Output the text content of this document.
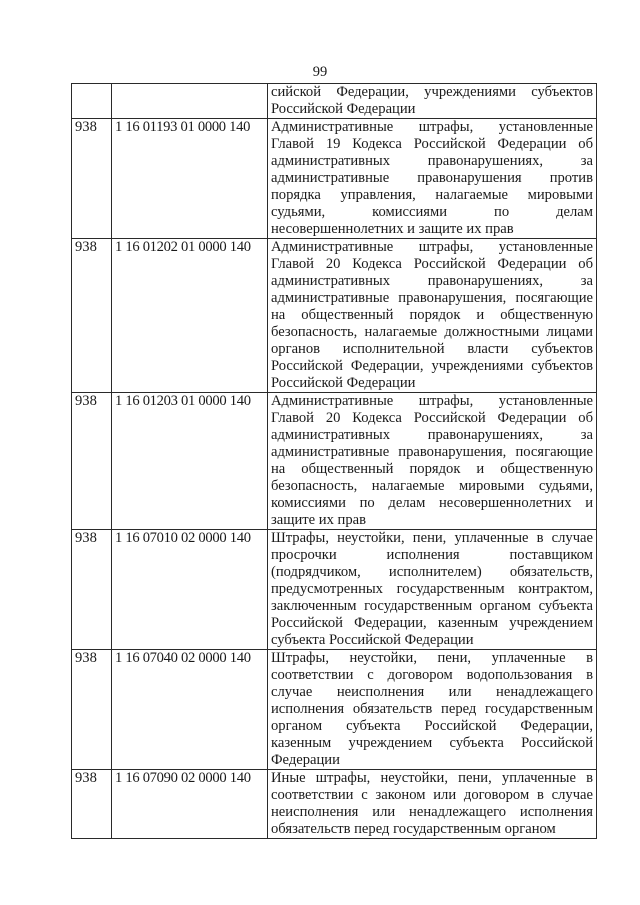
99
		сийской Федерации, учреждениями субъектов Российской Федерации
938	1 16 01193 01 0000 140	Административные штрафы, установленные Главой 19 Кодекса Российской Федерации об административных правонарушениях, за административные правонарушения против порядка управления, налагаемые мировыми судьями, комиссиями по делам несовершеннолетних и защите их прав
938	1 16 01202 01 0000 140	Административные штрафы, установленные Главой 20 Кодекса Российской Федерации об административных правонарушениях, за административные правонарушения, посягающие на общественный порядок и общественную безопасность, налагаемые должностными лицами органов исполнительной власти субъектов Российской Федерации, учреждениями субъектов Российской Федерации
938	1 16 01203 01 0000 140	Административные штрафы, установленные Главой 20 Кодекса Российской Федерации об административных правонарушениях, за административные правонарушения, посягающие на общественный порядок и общественную безопасность, налагаемые мировыми судьями, комиссиями по делам несовершеннолетних и защите их прав
938	1 16 07010 02 0000 140	Штрафы, неустойки, пени, уплаченные в случае просрочки исполнения поставщиком (подрядчиком, исполнителем) обязательств, предусмотренных государственным контрактом, заключенным государственным органом субъекта Российской Федерации, казенным учреждением субъекта Российской Федерации
938	1 16 07040 02 0000 140	Штрафы, неустойки, пени, уплаченные в соответствии с договором водопользования в случае неисполнения или ненадлежащего исполнения обязательств перед государственным органом субъекта Российской Федерации, казенным учреждением субъекта Российской Федерации
938	1 16 07090 02 0000 140	Иные штрафы, неустойки, пени, уплаченные в соответствии с законом или договором в случае неисполнения или ненадлежащего исполнения обязательств перед государственным органом
